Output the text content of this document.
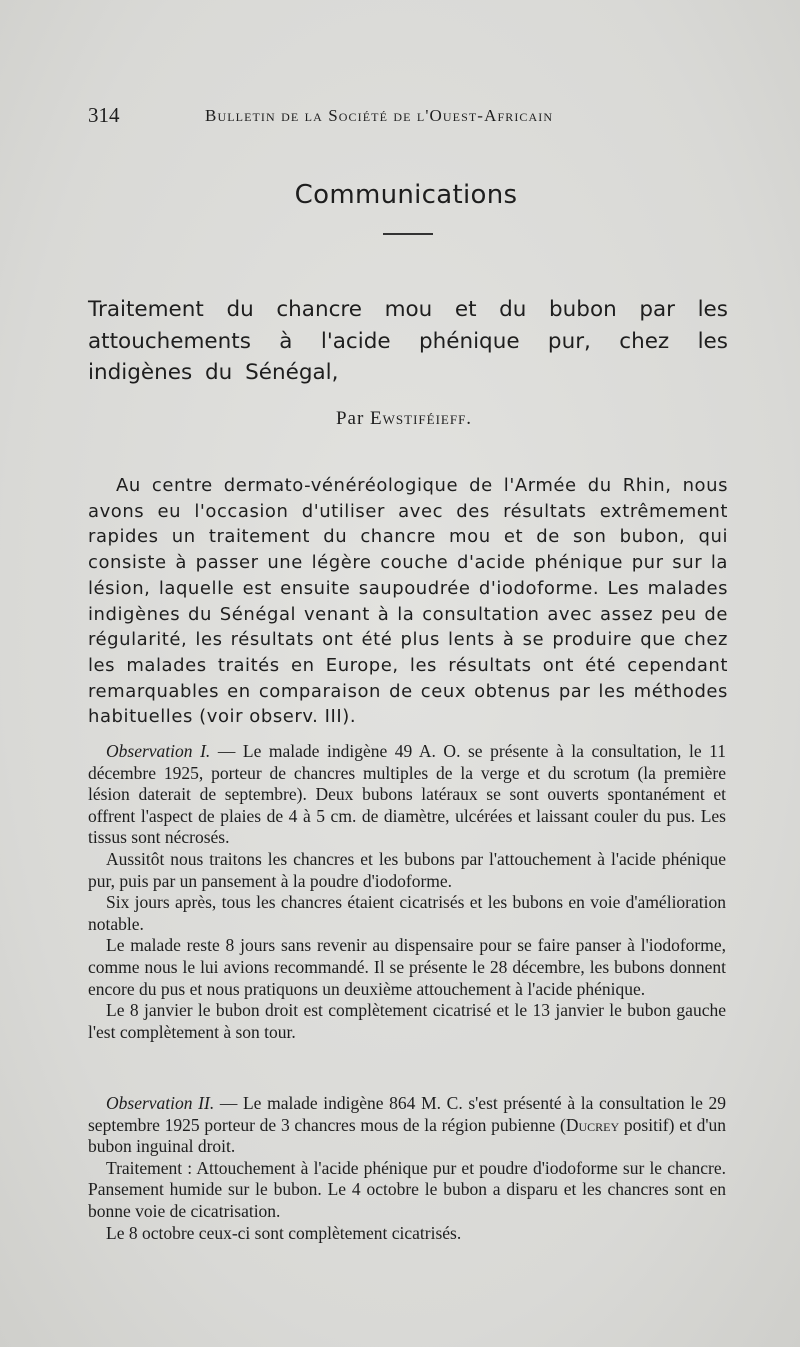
314	Bulletin de la Société de l'Ouest-Africain
Communications
Traitement du chancre mou et du bubon par les attouchements à l'acide phénique pur, chez les indigènes du Sénégal,
Par Ewstiféieff.
Au centre dermato-vénéréologique de l'Armée du Rhin, nous avons eu l'occasion d'utiliser avec des résultats extrêmement rapides un traitement du chancre mou et de son bubon, qui consiste à passer une légère couche d'acide phénique pur sur la lésion, laquelle est ensuite saupoudrée d'iodoforme. Les malades indigènes du Sénégal venant à la consultation avec assez peu de régularité, les résultats ont été plus lents à se produire que chez les malades traités en Europe, les résultats ont été cependant remarquables en comparaison de ceux obtenus par les méthodes habituelles (voir observ. III).

Observation I. — Le malade indigène 49 A. O. se présente à la consultation, le 11 décembre 1925, porteur de chancres multiples de la verge et du scrotum (la première lésion daterait de septembre). Deux bubons latéraux se sont ouverts spontanément et offrent l'aspect de plaies de 4 à 5 cm. de diamètre, ulcérées et laissant couler du pus. Les tissus sont nécrosés.

Aussitôt nous traitons les chancres et les bubons par l'attouchement à l'acide phénique pur, puis par un pansement à la poudre d'iodoforme.

Six jours après, tous les chancres étaient cicatrisés et les bubons en voie d'amélioration notable.

Le malade reste 8 jours sans revenir au dispensaire pour se faire panser à l'iodoforme, comme nous le lui avions recommandé. Il se présente le 28 décembre, les bubons donnent encore du pus et nous pratiquons un deuxième attouchement à l'acide phénique.

Le 8 janvier le bubon droit est complètement cicatrisé et le 13 janvier le bubon gauche l'est complètement à son tour.

Observation II. — Le malade indigène 864 M. C. s'est présenté à la consultation le 29 septembre 1925 porteur de 3 chancres mous de la région pubienne (Ducrey positif) et d'un bubon inguinal droit.

Traitement : Attouchement à l'acide phénique pur et poudre d'iodoforme sur le chancre. Pansement humide sur le bubon. Le 4 octobre le bubon a disparu et les chancres sont en bonne voie de cicatrisation.

Le 8 octobre ceux-ci sont complètement cicatrisés.
